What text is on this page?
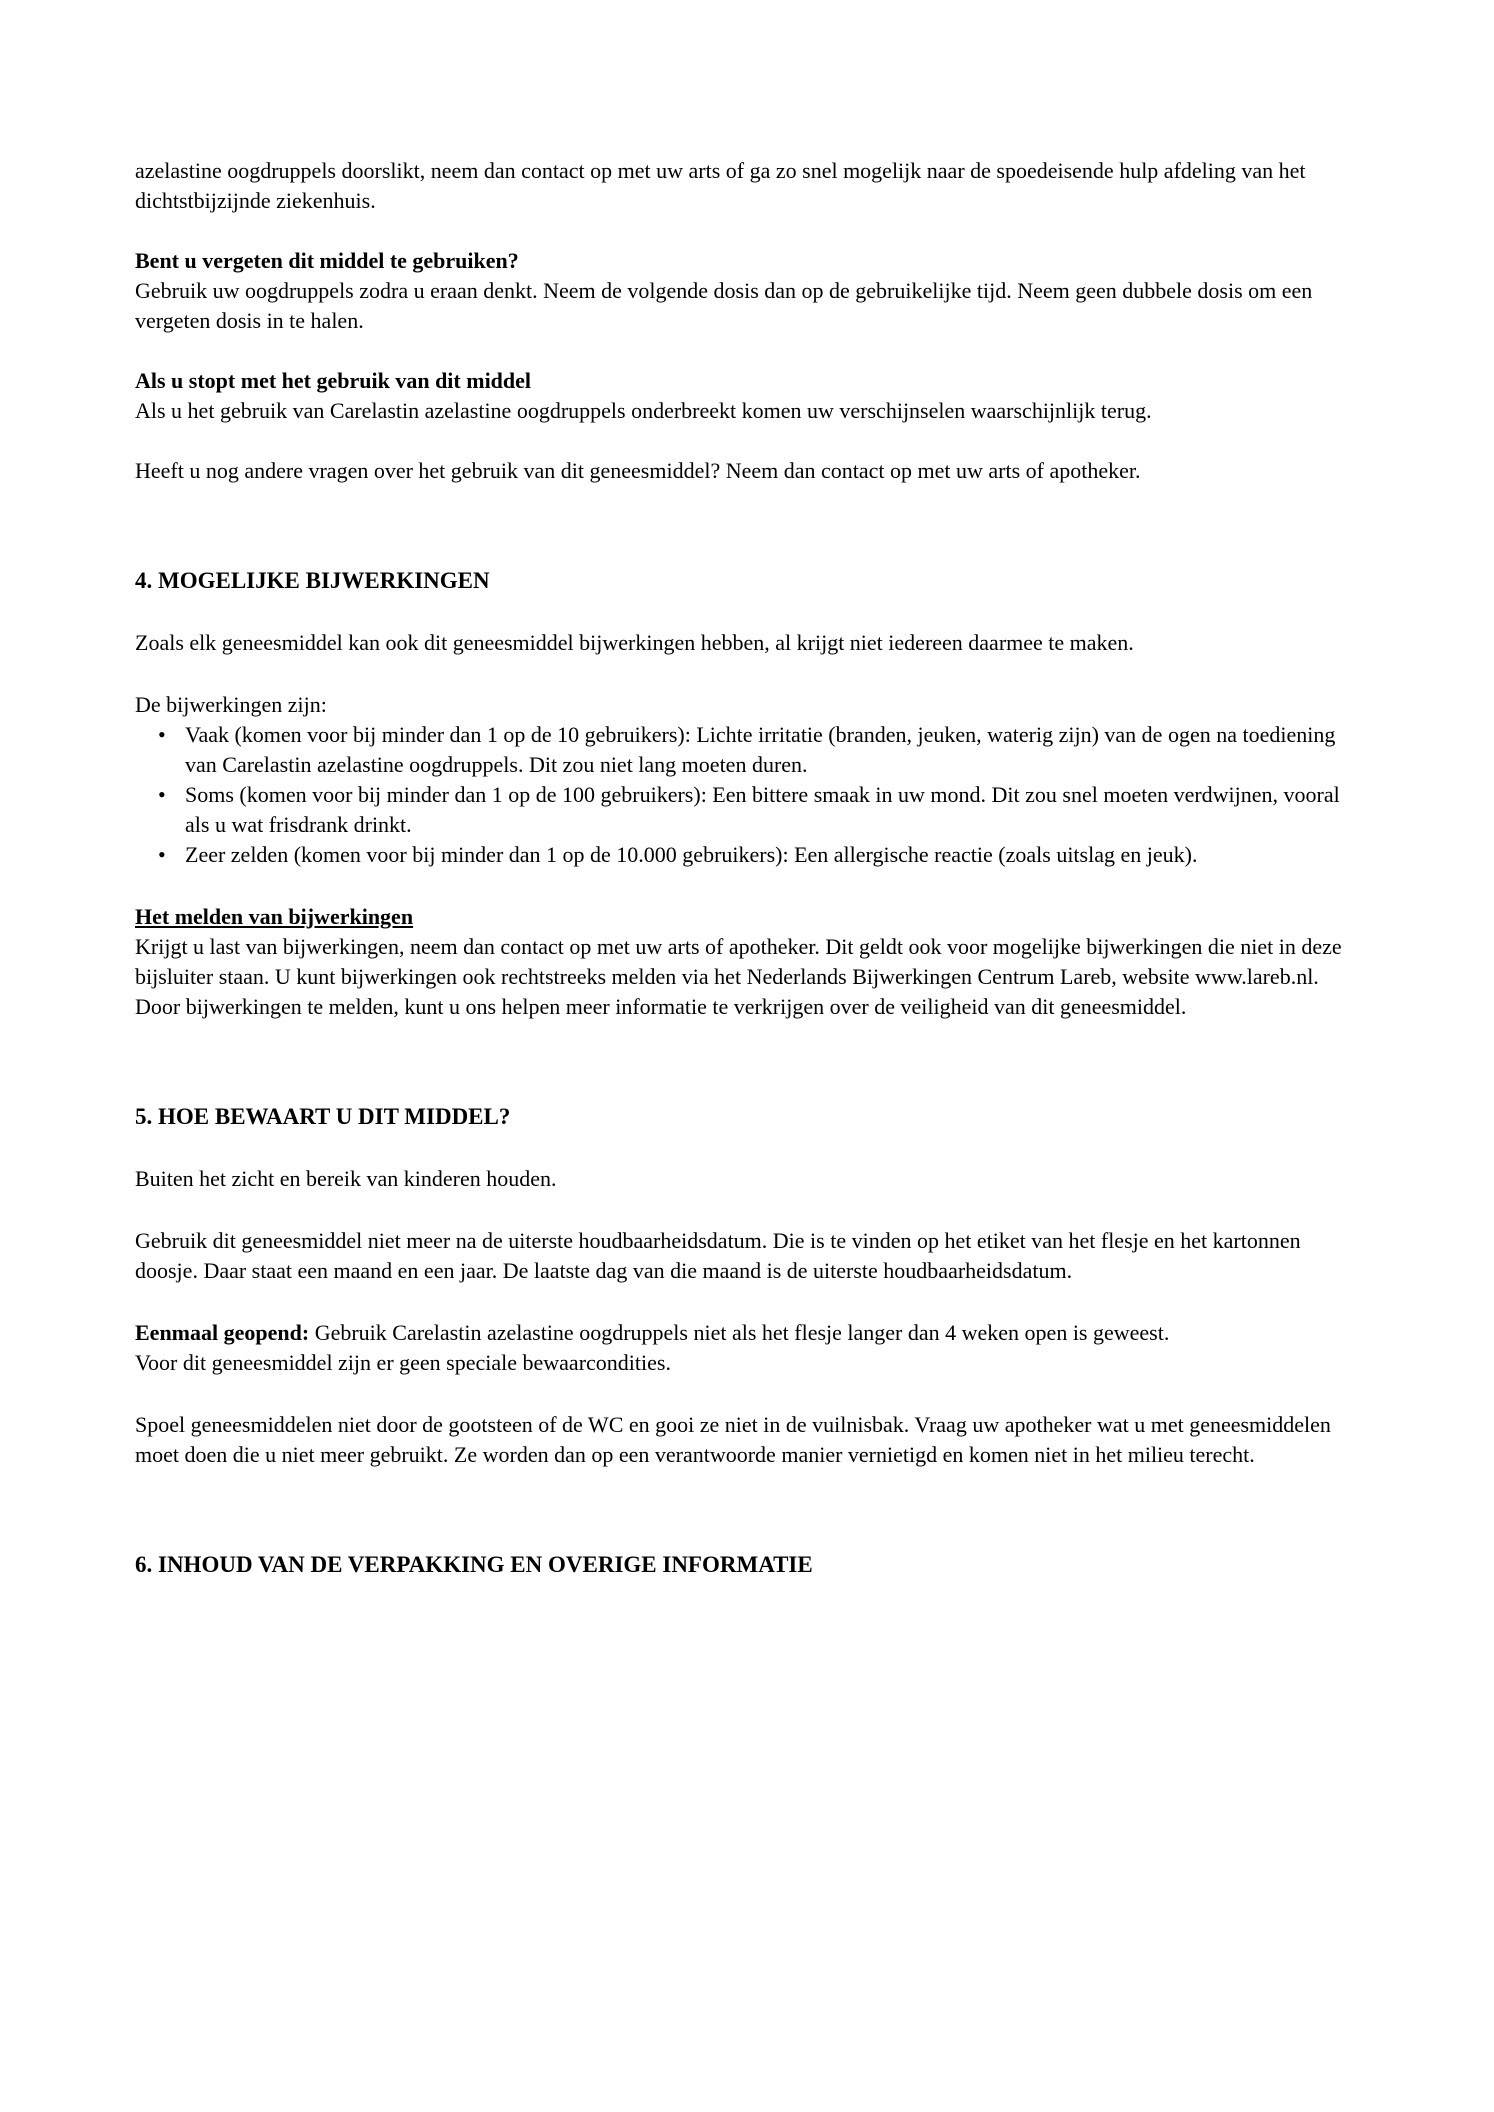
azelastine oogdruppels doorslikt, neem dan contact op met uw arts of ga zo snel mogelijk naar de spoedeisende hulp afdeling van het dichtstbijzijnde ziekenhuis.

Bent u vergeten dit middel te gebruiken?

Gebruik uw oogdruppels zodra u eraan denkt. Neem de volgende dosis dan op de gebruikelijke tijd. Neem geen dubbele dosis om een vergeten dosis in te halen.

Als u stopt met het gebruik van dit middel

Als u het gebruik van Carelastin azelastine oogdruppels onderbreekt komen uw verschijnselen waarschijnlijk terug.

Heeft u nog andere vragen over het gebruik van dit geneesmiddel? Neem dan contact op met uw arts of apotheker.

4. MOGELIJKE BIJWERKINGEN

Zoals elk geneesmiddel kan ook dit geneesmiddel bijwerkingen hebben, al krijgt niet iedereen daarmee te maken.

De bijwerkingen zijn:

• Vaak (komen voor bij minder dan 1 op de 10 gebruikers): Lichte irritatie (branden, jeuken, waterig zijn) van de ogen na toediening van Carelastin azelastine oogdruppels. Dit zou niet lang moeten duren.
• Soms (komen voor bij minder dan 1 op de 100 gebruikers): Een bittere smaak in uw mond. Dit zou snel moeten verdwijnen, vooral als u wat frisdrank drinkt.
• Zeer zelden (komen voor bij minder dan 1 op de 10.000 gebruikers): Een allergische reactie (zoals uitslag en jeuk).
Het melden van bijwerkingen

Krijgt u last van bijwerkingen, neem dan contact op met uw arts of apotheker. Dit geldt ook voor mogelijke bijwerkingen die niet in deze bijsluiter staan. U kunt bijwerkingen ook rechtstreeks melden via het Nederlands Bijwerkingen Centrum Lareb, website www.lareb.nl. Door bijwerkingen te melden, kunt u ons helpen meer informatie te verkrijgen over de veiligheid van dit geneesmiddel.

5. HOE BEWAART U DIT MIDDEL?

Buiten het zicht en bereik van kinderen houden.

Gebruik dit geneesmiddel niet meer na de uiterste houdbaarheidsdatum. Die is te vinden op het etiket van het flesje en het kartonnen doosje. Daar staat een maand en een jaar. De laatste dag van die maand is de uiterste houdbaarheidsdatum.

Eenmaal geopend: Gebruik Carelastin azelastine oogdruppels niet als het flesje langer dan 4 weken open is geweest.

Voor dit geneesmiddel zijn er geen speciale bewaarcondities.

Spoel geneesmiddelen niet door de gootsteen of de WC en gooi ze niet in de vuilnisbak. Vraag uw apotheker wat u met geneesmiddelen moet doen die u niet meer gebruikt. Ze worden dan op een verantwoorde manier vernietigd en komen niet in het milieu terecht.

6. INHOUD VAN DE VERPAKKING EN OVERIGE INFORMATIE
